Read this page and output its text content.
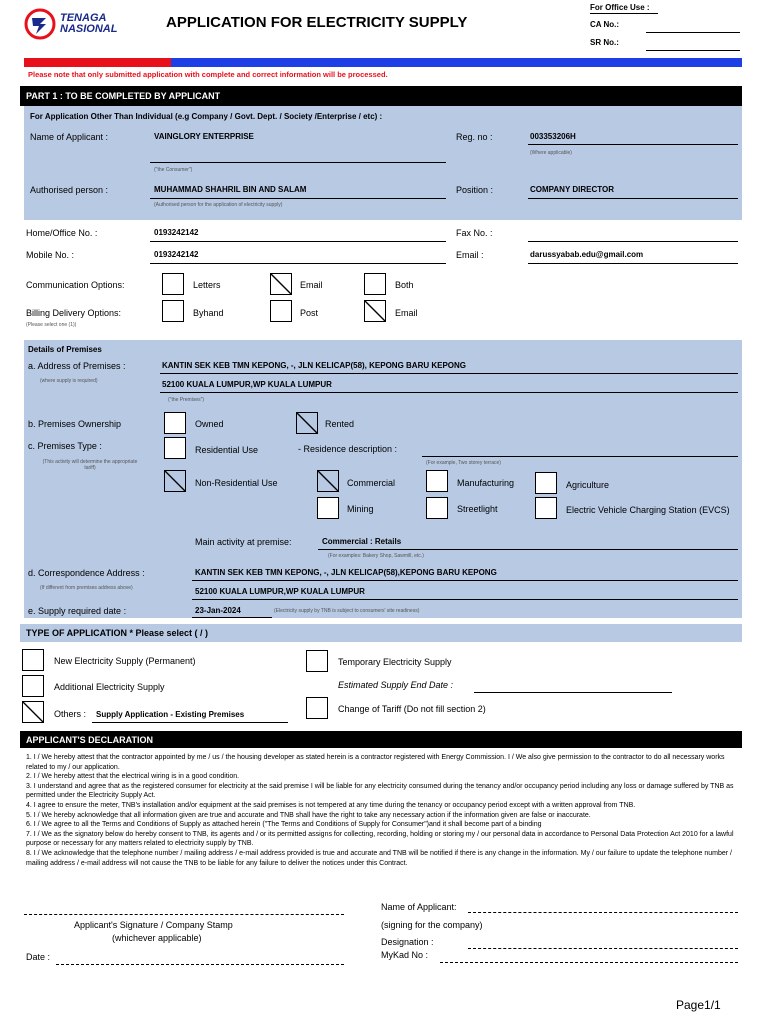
TENAGA
NASIONAL	APPLICATION FOR ELECTRICITY SUPPLY
For Office Use :
CA No.:
SR No.:
Please note that only submitted application with complete and correct information will be processed.
PART 1 : TO BE COMPLETED BY APPLICANT
For Application Other Than Individual (e.g Company / Govt. Dept. / Society /Enterprise / etc) :
Name of Applicant :	VAINGLORY ENTERPRISE
("the Consumer")
Reg. no :	003353206H
(Where applicable)
Authorised person :	MUHAMMAD SHAHRIL BIN AND SALAM
(Authorised person for the application of electricity supply)
Position :	COMPANY DIRECTOR
Home/Office No. :	0193242142	Fax No. :
Mobile No. :	0193242142	Email :	darussyabab.edu@gmail.com
Communication Options:	Letters	Email	Both
Billing Delivery Options:
(Please select one (1))
Byhand	Post	Email
Details of Premises
a. Address of Premises :
(where supply is required)
KANTIN SEK KEB TMN KEPONG, -, JLN KELICAP(58), KEPONG BARU KEPONG
52100 KUALA LUMPUR,WP KUALA LUMPUR
("the Premises")
b. Premises Ownership	Owned	Rented
c. Premises Type :
(This activity will determine the appropriate tariff)
Residential Use	- Residence description :
(For example, Two storey terrace)
Non-Residential Use	Commercial	Manufacturing	Agriculture
Mining	Streetlight	Electric Vehicle Charging Station (EVCS)
Main activity at premise:	Commercial : Retails
(For examples: Bakery Shop, Sawmill, etc.)
d. Correspondence Address :
(If different from premises address above)
KANTIN SEK KEB TMN KEPONG, -, JLN KELICAP(58),KEPONG BARU KEPONG
52100 KUALA LUMPUR,WP KUALA LUMPUR
e. Supply required date :	23-Jan-2024	(Electricity supply by TNB is subject to consumers' site readiness)
TYPE OF APPLICATION * Please select ( / )
New Electricity Supply (Permanent)	Temporary Electricity Supply
Additional Electricity Supply	Estimated Supply End Date :
Others : Supply Application - Existing Premises
Change of Tariff (Do not fill section 2)
APPLICANT'S DECLARATION

1. I / We hereby attest that the contractor appointed by me / us / the housing developer as stated herein is a contractor registered with Energy Commission. I / We also give permission to the contractor to do all necessary works related to my / our application.

2. I / We hereby attest that the electrical wiring is in a good condition.

3. I understand and agree that as the registered consumer for electricity at the said premise I will be liable for any electricity consumed during the tenancy and/or occupancy period including any loss or damage suffered by TNB as permitted under the Electricity Supply Act.

4. I agree to ensure the meter, TNB's installation and/or equipment at the said premises is not tempered at any time during the tenancy or occupancy period except with a written approval from TNB.

5. I / We hereby acknowledge that all information given are true and accurate and TNB shall have the right to take any necessary action if the information given are false or inaccurate.

6. I / We agree to all the Terms and Conditions of Supply as attached herein ("The Terms and Conditions of Supply for Consumer")and it shall become part of a binding

7. I / We as the signatory below do hereby consent to TNB, its agents and / or its permitted assigns for collecting, recording, holding or storing my / our personal data in accordance to Personal Data Protection Act 2010 for a lawful purpose or necessary for any matters related to electricity supply by TNB.

8. I / We acknowledge that the telephone number / mailing address / e-mail address provided is true and accurate and TNB will be notified if there is any change in the information. My / our failure to update the telephone number / mailing address / e-mail address will not cause the TNB to be liable for any failure to deliver the notices under this Contract.

Applicant's Signature / Company Stamp
(whichever applicable)
Date :
Name of Applicant:
(signing for the company)
Designation :
MyKad No :
Page1/1
